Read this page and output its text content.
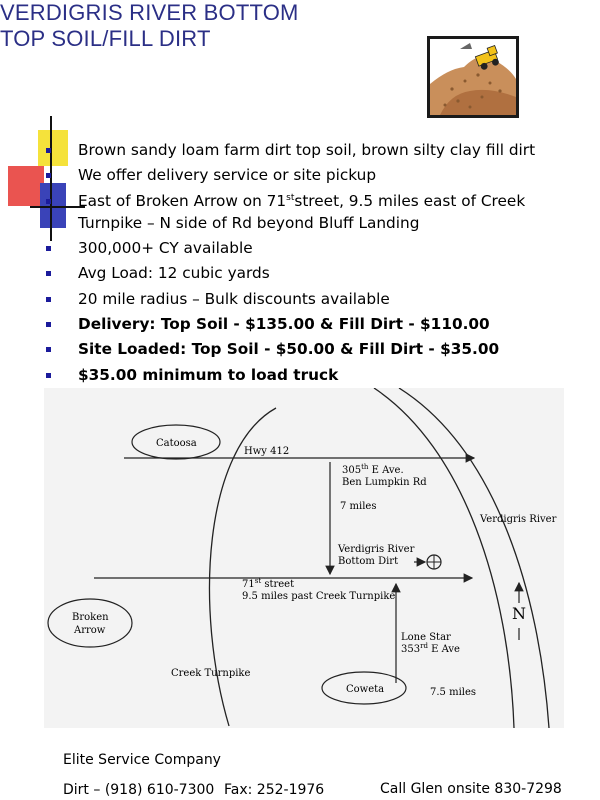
VERDIGRIS RIVER BOTTOM
TOP SOIL/FILL DIRT
Brown sandy loam farm dirt top soil, brown silty clay fill dirt
We offer delivery service or site pickup
East of Broken Arrow on 71ststreet, 9.5 miles east of Creek
Turnpike – N side of Rd beyond Bluff Landing
300,000+ CY available
Avg Load: 12 cubic yards
20 mile radius – Bulk discounts available
Delivery: Top Soil - $135.00 & Fill Dirt - $110.00
Site Loaded: Top Soil - $50.00 & Fill Dirt - $35.00
$35.00 minimum to load truck
Catoosa
Broken
Arrow
Coweta
Hwy 412
305th E Ave.
Ben Lumpkin Rd
7 miles
Verdigris River
Verdigris River
Bottom Dirt
71st street
9.5 miles past Creek Turnpike
N
Lone Star
353rd E Ave
Creek Turnpike
7.5 miles
Elite Service Company
Dirt – (918) 610-7300 Fax: 252-1976	Call Glen onsite 830-7298
